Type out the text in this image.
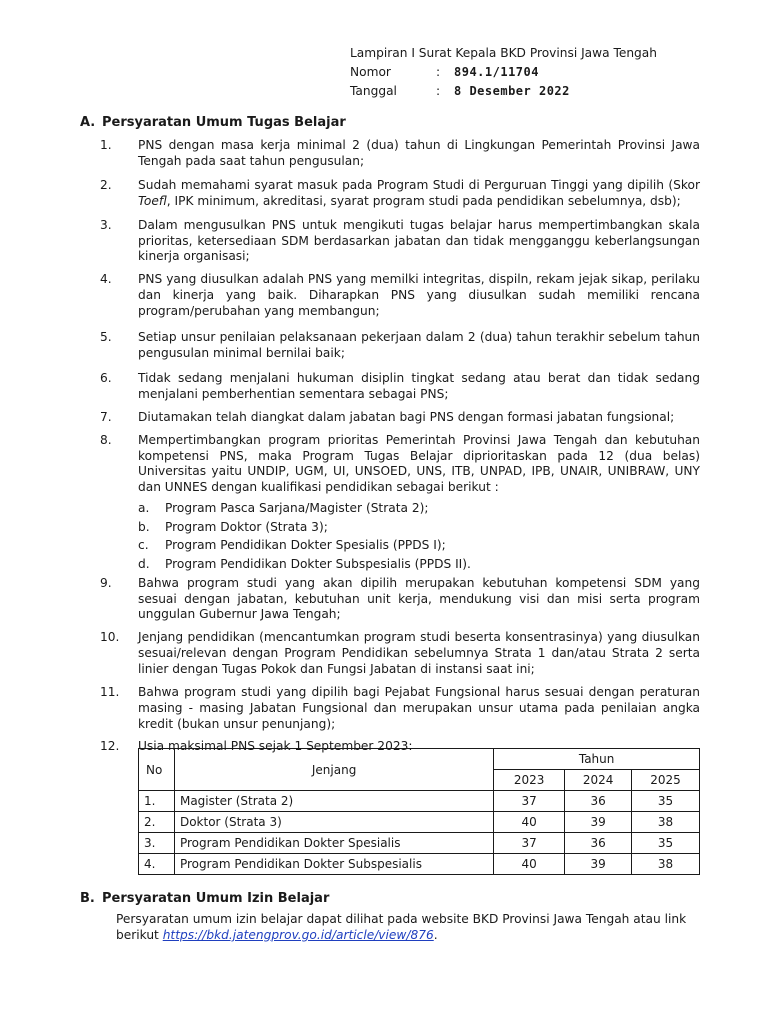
Lampiran I Surat Kepala BKD Provinsi Jawa Tengah
Nomor	:	894.1/11704
Tanggal	:	8 Desember 2022
A. Persyaratan Umum Tugas Belajar
1.	PNS dengan masa kerja minimal 2 (dua) tahun di Lingkungan Pemerintah Provinsi Jawa Tengah pada saat tahun pengusulan;
2.	Sudah memahami syarat masuk pada Program Studi di Perguruan Tinggi yang dipilih (Skor Toefl, IPK minimum, akreditasi, syarat program studi pada pendidikan sebelumnya, dsb);
3.	Dalam mengusulkan PNS untuk mengikuti tugas belajar harus mempertimbangkan skala prioritas, ketersediaan SDM berdasarkan jabatan dan tidak mengganggu keberlangsungan kinerja organisasi;
4.	PNS yang diusulkan adalah PNS yang memilki integritas, dispiln, rekam jejak sikap, perilaku dan kinerja yang baik. Diharapkan PNS yang diusulkan sudah memiliki rencana program/perubahan yang membangun;
5.	Setiap unsur penilaian pelaksanaan pekerjaan dalam 2 (dua) tahun terakhir sebelum tahun pengusulan minimal bernilai baik;
6.	Tidak sedang menjalani hukuman disiplin tingkat sedang atau berat dan tidak sedang menjalani pemberhentian sementara sebagai PNS;
7.	Diutamakan telah diangkat dalam jabatan bagi PNS dengan formasi jabatan fungsional;
8.	Mempertimbangkan program prioritas Pemerintah Provinsi Jawa Tengah dan kebutuhan kompetensi PNS, maka Program Tugas Belajar diprioritaskan pada 12 (dua belas) Universitas yaitu UNDIP, UGM, UI, UNSOED, UNS, ITB, UNPAD, IPB, UNAIR, UNIBRAW, UNY dan UNNES dengan kualifikasi pendidikan sebagai berikut :
a.	Program Pasca Sarjana/Magister (Strata 2);
b.	Program Doktor (Strata 3);
c.	Program Pendidikan Dokter Spesialis (PPDS I);
d.	Program Pendidikan Dokter Subspesialis (PPDS II).
9.	Bahwa program studi yang akan dipilih merupakan kebutuhan kompetensi SDM yang sesuai dengan jabatan, kebutuhan unit kerja, mendukung visi dan misi serta program unggulan Gubernur Jawa Tengah;
10.	Jenjang pendidikan (mencantumkan program studi beserta konsentrasinya) yang diusulkan sesuai/relevan dengan Program Pendidikan sebelumnya Strata 1 dan/atau Strata 2 serta linier dengan Tugas Pokok dan Fungsi Jabatan di instansi saat ini;
11.	Bahwa program studi yang dipilih bagi Pejabat Fungsional harus sesuai dengan peraturan masing - masing Jabatan Fungsional dan merupakan unsur utama pada penilaian angka kredit (bukan unsur penunjang);
12.	Usia maksimal PNS sejak 1 September 2023:
No	Jenjang	Tahun		
		2023	2024	2025
1.	Magister (Strata 2)	37	36	35
2.	Doktor (Strata 3)	40	39	38
3.	Program Pendidikan Dokter Spesialis	37	36	35
4.	Program Pendidikan Dokter Subspesialis	40	39	38
B. Persyaratan Umum Izin Belajar
Persyaratan umum izin belajar dapat dilihat pada website BKD Provinsi Jawa Tengah atau link berikut https://bkd.jatengprov.go.id/article/view/876.
